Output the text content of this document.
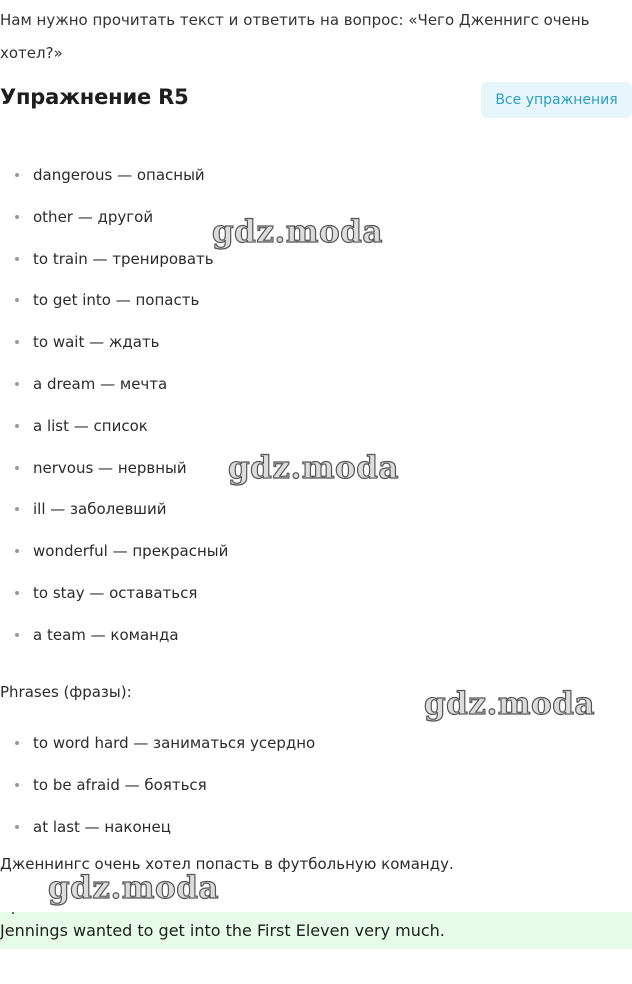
Нам нужно прочитать текст и ответить на вопрос: «Чего Дженнигс очень хотел?»
Упражнение R5	Все упражнения
dangerous — опасный
other — другой
to train — тренировать
to get into — попасть
to wait — ждать
a dream — мечта
a list — список
nervous — нервный
ill — заболевший
wonderful — прекрасный
to stay — оставаться
a team — команда
Phrases (фразы):
to word hard — заниматься усердно
to be afraid — бояться
at last — наконец
Дженнингс очень хотел попасть в футбольную команду.
Jennings wanted to get into the First Eleven very much.
gdz.moda
gdz.moda
gdz.moda
gdz.moda
